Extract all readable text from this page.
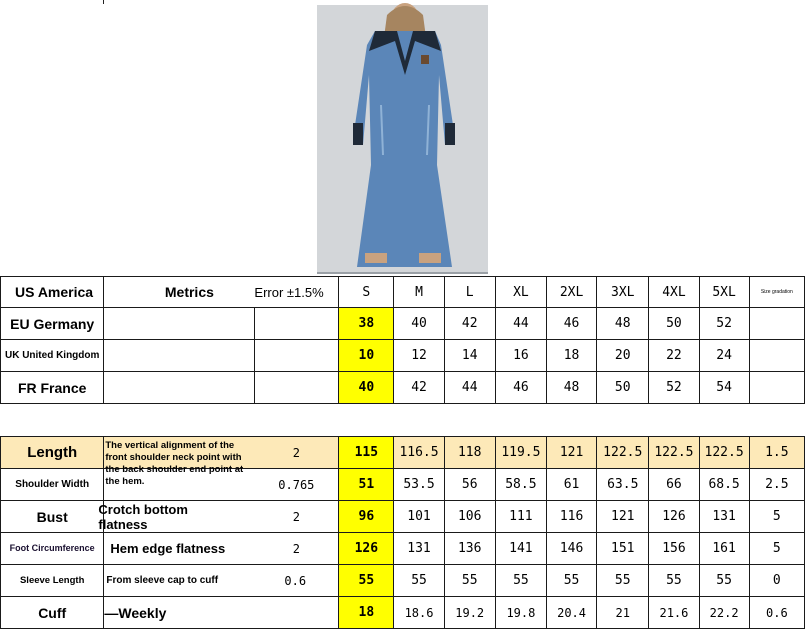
US America	Metrics	Error ±1.5%	S	M	L	XL	2XL	3XL	4XL	5XL	Size gradation
EU Germany			38	40	42	44	46	48	50	52	
UK United Kingdom			10	12	14	16	18	20	22	24	
FR France			40	42	44	46	48	50	52	54	
Length	The vertical alignment of the front shoulder neck point with the back shoulder end point at the hem.	2	115	116.5	118	119.5	121	122.5	122.5	122.5	1.5
Shoulder Width		0.765	51	53.5	56	58.5	61	63.5	66	68.5	2.5
Bust	Crotch bottom flatness	2	96	101	106	111	116	121	126	131	5
Foot Circumference	Hem edge flatness	2	126	131	136	141	146	151	156	161	5
Sleeve Length	From sleeve cap to cuff	0.6	55	55	55	55	55	55	55	55	0
Cuff	—Weekly		18	18.6	19.2	19.8	20.4	21	21.6	22.2	0.6
